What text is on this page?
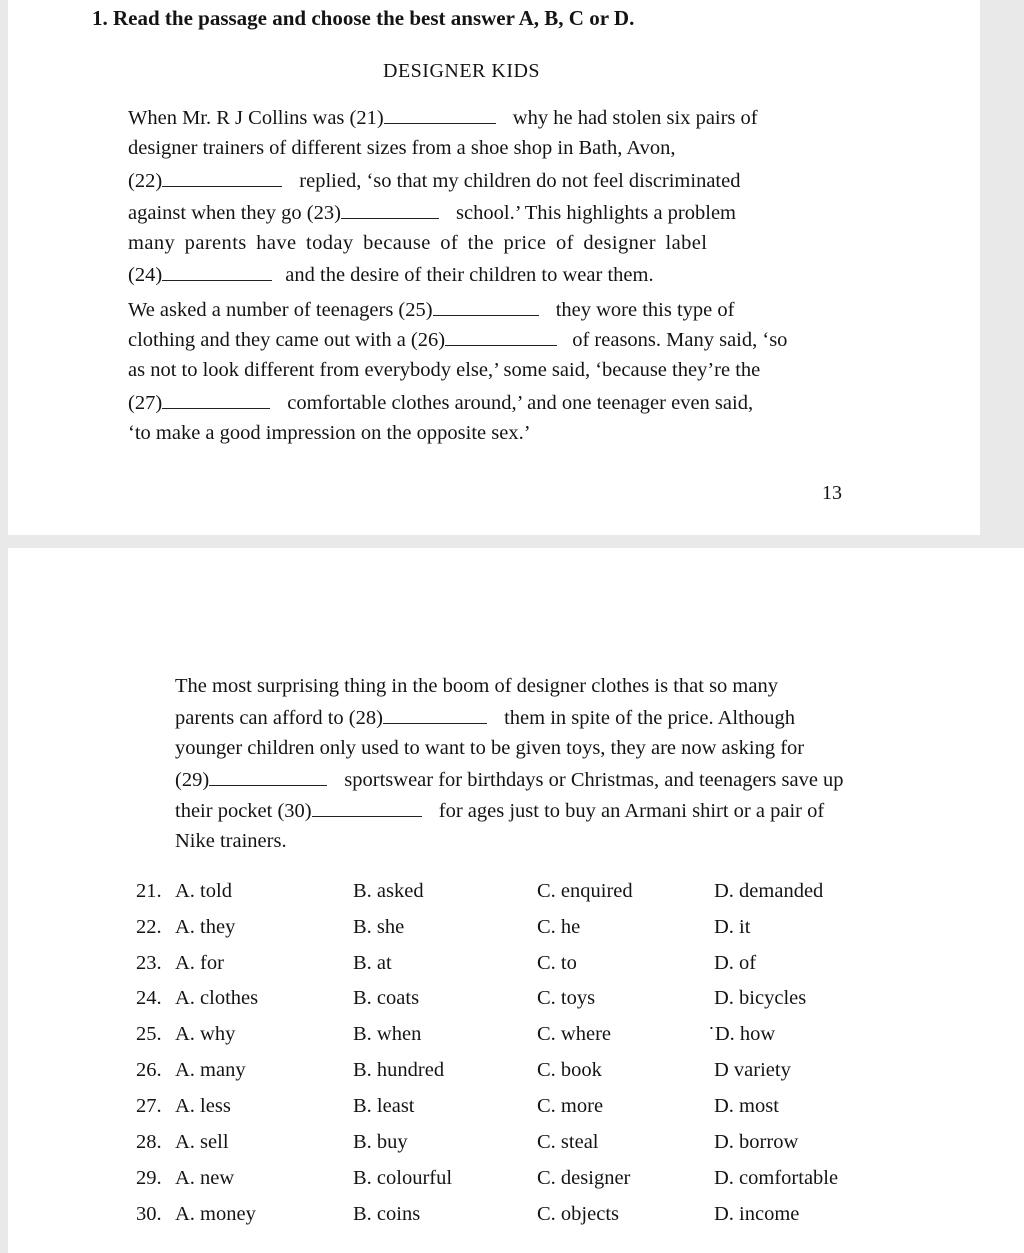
1. Read the passage and choose the best answer A, B, C or D.
DESIGNER KIDS
When Mr. R J Collins was (21)	why he had stolen six pairs of
designer trainers of different sizes from a shoe shop in Bath, Avon,
(22)	replied, ‘so that my children do not feel discriminated
against when they go (23)	school.’ This highlights a problem
many parents have today because of the price of designer label
(24)	and the desire of their children to wear them.
We asked a number of teenagers (25)	they wore this type of
clothing and they came out with a (26)	of reasons. Many said, ‘so
as not to look different from everybody else,’ some said, ‘because they’re the
(27)	comfortable clothes around,’ and one teenager even said,
‘to make a good impression on the opposite sex.’
13
The most surprising thing in the boom of designer clothes is that so many
parents can afford to (28)	them in spite of the price. Although
younger children only used to want to be given toys, they are now asking for
(29)	sportswear for birthdays or Christmas, and teenagers save up
their pocket (30)	for ages just to buy an Armani shirt or a pair of
Nike trainers.
21. A. told	B. asked	C. enquired	D. demanded
22. A. they	B. she	C. he	D. it
23. A. for	B. at	C. to	D. of
24. A. clothes	B. coats	C. toys	D. bicycles
25. A. why	B. when	C. where	˙D. how
26. A. many	B. hundred	C. book	D variety
27. A. less	B. least	C. more	D. most
28. A. sell	B. buy	C. steal	D. borrow
29. A. new	B. colourful	C. designer	D. comfortable
30. A. money	B. coins	C. objects	D. income
